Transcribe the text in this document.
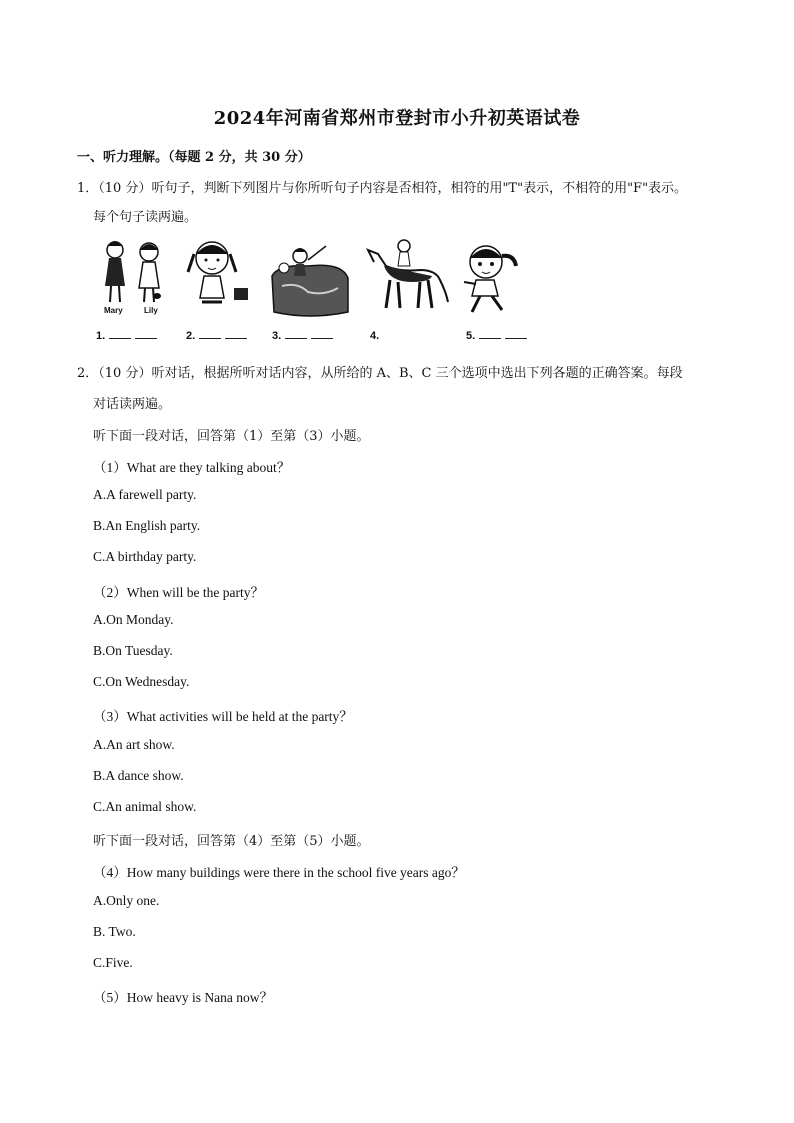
2024年河南省郑州市登封市小升初英语试卷
一、听力理解。（每题 2 分，共 30 分）
1．（10 分）听句子，判断下列图片与你所听句子内容是否相符，相符的用"T"表示，不相符的用"F"表示。
每个句子读两遍。
Mary	Lily
1.	2.	3.	4.	5.
2．（10 分）听对话，根据所听对话内容，从所给的 A、B、C 三个选项中选出下列各题的正确答案。每段
对话读两遍。
听下面一段对话，回答第（1）至第（3）小题。
（1）What are they talking about？
A.A farewell party.
B.An English party.
C.A birthday party.
（2）When will be the party？
A.On Monday.
B.On Tuesday.
C.On Wednesday.
（3）What activities will be held at the party？
A.An art show.
B.A dance show.
C.An animal show.
听下面一段对话，回答第（4）至第（5）小题。
（4）How many buildings were there in the school five years ago？
A.Only one.
B. Two.
C.Five.
（5）How heavy is Nana now？
